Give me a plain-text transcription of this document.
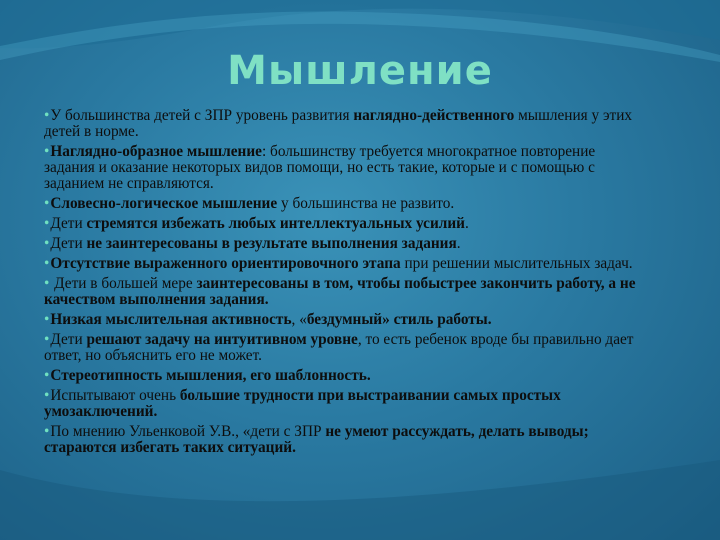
Мышление
•У большинства детей с ЗПР уровень развития наглядно-действенного мышления у этих детей в норме.
•Наглядно-образное мышление: большинству требуется многократное повторение задания и оказание некоторых видов помощи, но есть такие, которые и с помощью с заданием не справляются.
•Словесно-логическое мышление у большинства не развито.
•Дети стремятся избежать любых интеллектуальных усилий.
•Дети не заинтересованы в результате выполнения задания.
•Отсутствие выраженного ориентировочного этапа при решении мыслительных задач.
• Дети в большей мере заинтересованы в том, чтобы побыстрее закончить работу, а не качеством выполнения задания.
•Низкая мыслительная активность, «бездумный» стиль работы.
•Дети решают задачу на интуитивном уровне, то есть ребенок вроде бы правильно дает ответ, но объяснить его не может.
•Стереотипность мышления, его шаблонность.
•Испытывают очень большие трудности при выстраивании самых простых умозаключений.
•По мнению Ульенковой У.В., «дети с ЗПР не умеют рассуждать, делать выводы; стараются избегать таких ситуаций.
